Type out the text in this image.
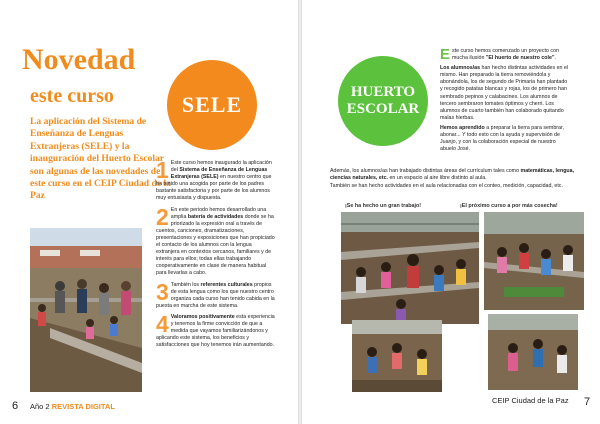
Novedad
este curso
La aplicación del Sistema de Enseñanza de Lenguas Extranjeras (SELE) y la inauguración del Huerto Escolar son algunas de las novedades de este curso en el CEIP Ciudad de la Paz
SELE
1 Este curso hemos inaugurado la aplicación del Sistema de Enseñanza de Lenguas Extranjeras (SELE) en nuestro centro que ha tenido una acogida por parte de los padres bastante satisfactoria y por parte de los alumnos muy entusiasta y dispuesta.
2 En este periodo hemos desarrollado una amplia batería de actividades donde se ha priorizado la expresión oral a través de cuentos, canciones, dramatizaciones, presentaciones y exposiciones que han propiciado el contacto de los alumnos con la lengua extranjera en contextos cercanos, familiares y de interés para ellos; todas ellas trabajando cooperativamente en clase de manera habitual para llevarlas a cabo.
3 También los referentes culturales propios de esta lengua como los que nuestro centro organiza cada curso han tenido cabida en la puesta en marcha de este sistema.
4 Valoramos positivamente esta experiencia y tenemos la firme convicción de que a medida que vayamos familiarizándonos y aplicando este sistema, los beneficios y satisfacciones que hoy tenemos irán aumentando.
6 Año 2 REVISTA DIGITAL
HUERTO
ESCOLAR
E ste curso hemos comenzado un proyecto con mucha ilusión "El huerto de nuestro cole".
Los alumnos/as han hecho distintas actividades en el mismo. Han preparado la tierra removiéndola y abonándola, los de segundo de Primaria han plantado y recogido patatas blancas y rojas, los de primero han sembrado pepinos y calabacines. Los alumnos de tercero sembraron tomates óptimos y cherri. Los alumnos de cuarto también han colaborado quitando malas hierbas.
Hemos aprendido a preparar la tierra para sembrar, abonar... Y todo esto con la ayuda y supervisión de Juanjo, y con la colaboración especial de nuestro abuelo José.
Además, los alumnos/as han trabajado distintas áreas del currículum tales como matemáticas, lengua, ciencias naturales, etc. en un espacio al aire libre distinto al aula.
También se han hecho actividades en el aula relacionadas con el conteo, medición, capacidad, etc.
¡Se ha hecho un gran trabajo!	¡El próximo curso a por más cosecha!
CEIP Ciudad de la Paz 7
